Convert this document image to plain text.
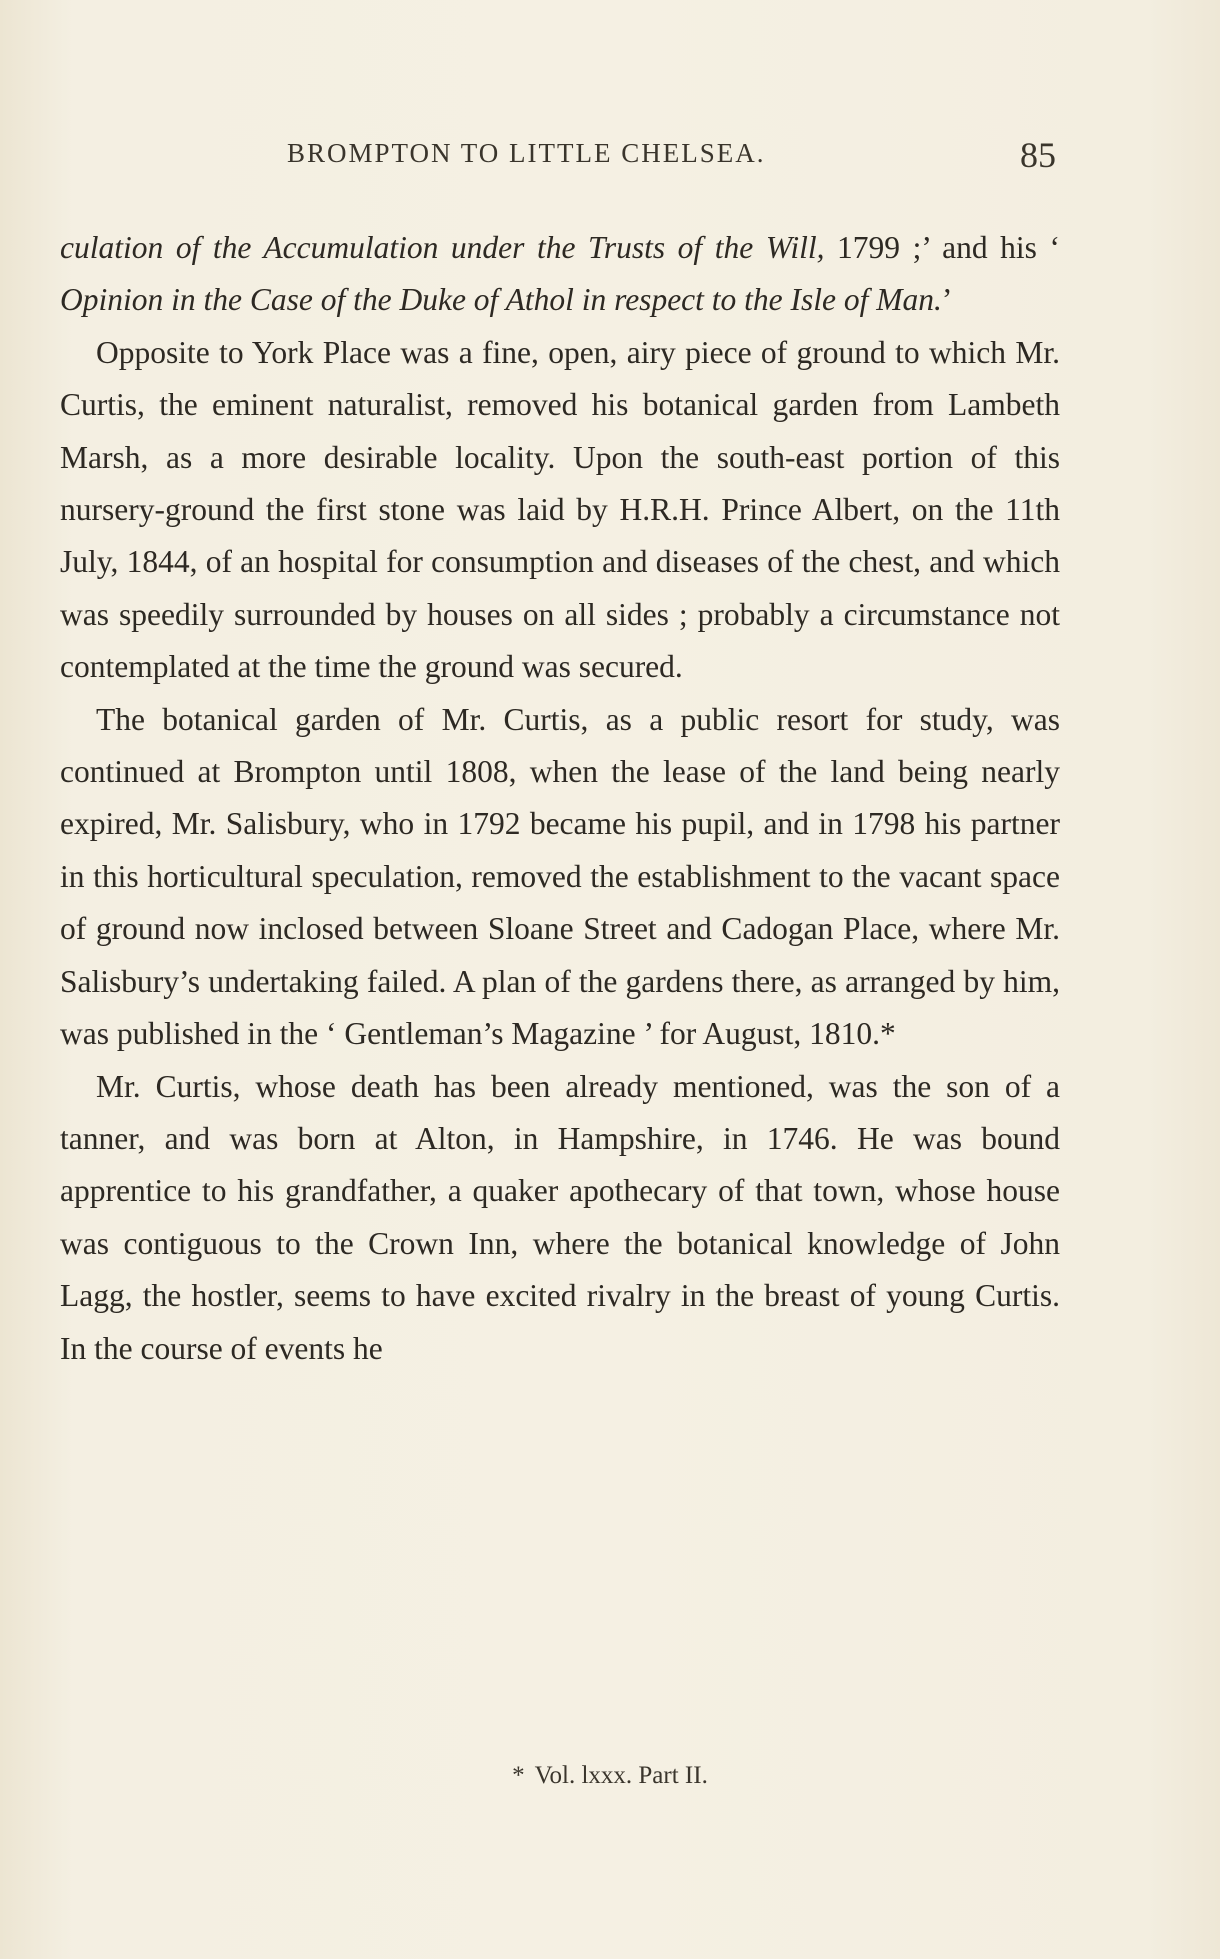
BROMPTON TO LITTLE CHELSEA.	85

culation of the Accumulation under the Trusts of the Will, 1799 ;’ and his ‘ Opinion in the Case of the Duke of Athol in respect to the Isle of Man.’

Opposite to York Place was a fine, open, airy piece of ground to which Mr. Curtis, the eminent naturalist, removed his botanical garden from Lambeth Marsh, as a more desirable locality. Upon the south-east portion of this nursery-ground the first stone was laid by H.R.H. Prince Albert, on the 11th July, 1844, of an hospital for consumption and diseases of the chest, and which was speedily surrounded by houses on all sides ; probably a circumstance not contemplated at the time the ground was secured.

The botanical garden of Mr. Curtis, as a public resort for study, was continued at Brompton until 1808, when the lease of the land being nearly expired, Mr. Salisbury, who in 1792 became his pupil, and in 1798 his partner in this horticultural speculation, removed the establishment to the vacant space of ground now inclosed between Sloane Street and Cadogan Place, where Mr. Salisbury’s undertaking failed. A plan of the gardens there, as arranged by him, was published in the ‘ Gentleman’s Magazine ’ for August, 1810.*

Mr. Curtis, whose death has been already mentioned, was the son of a tanner, and was born at Alton, in Hampshire, in 1746. He was bound apprentice to his grandfather, a quaker apothecary of that town, whose house was contiguous to the Crown Inn, where the botanical knowledge of John Lagg, the hostler, seems to have excited rivalry in the breast of young Curtis. In the course of events he

* Vol. lxxx. Part II.
